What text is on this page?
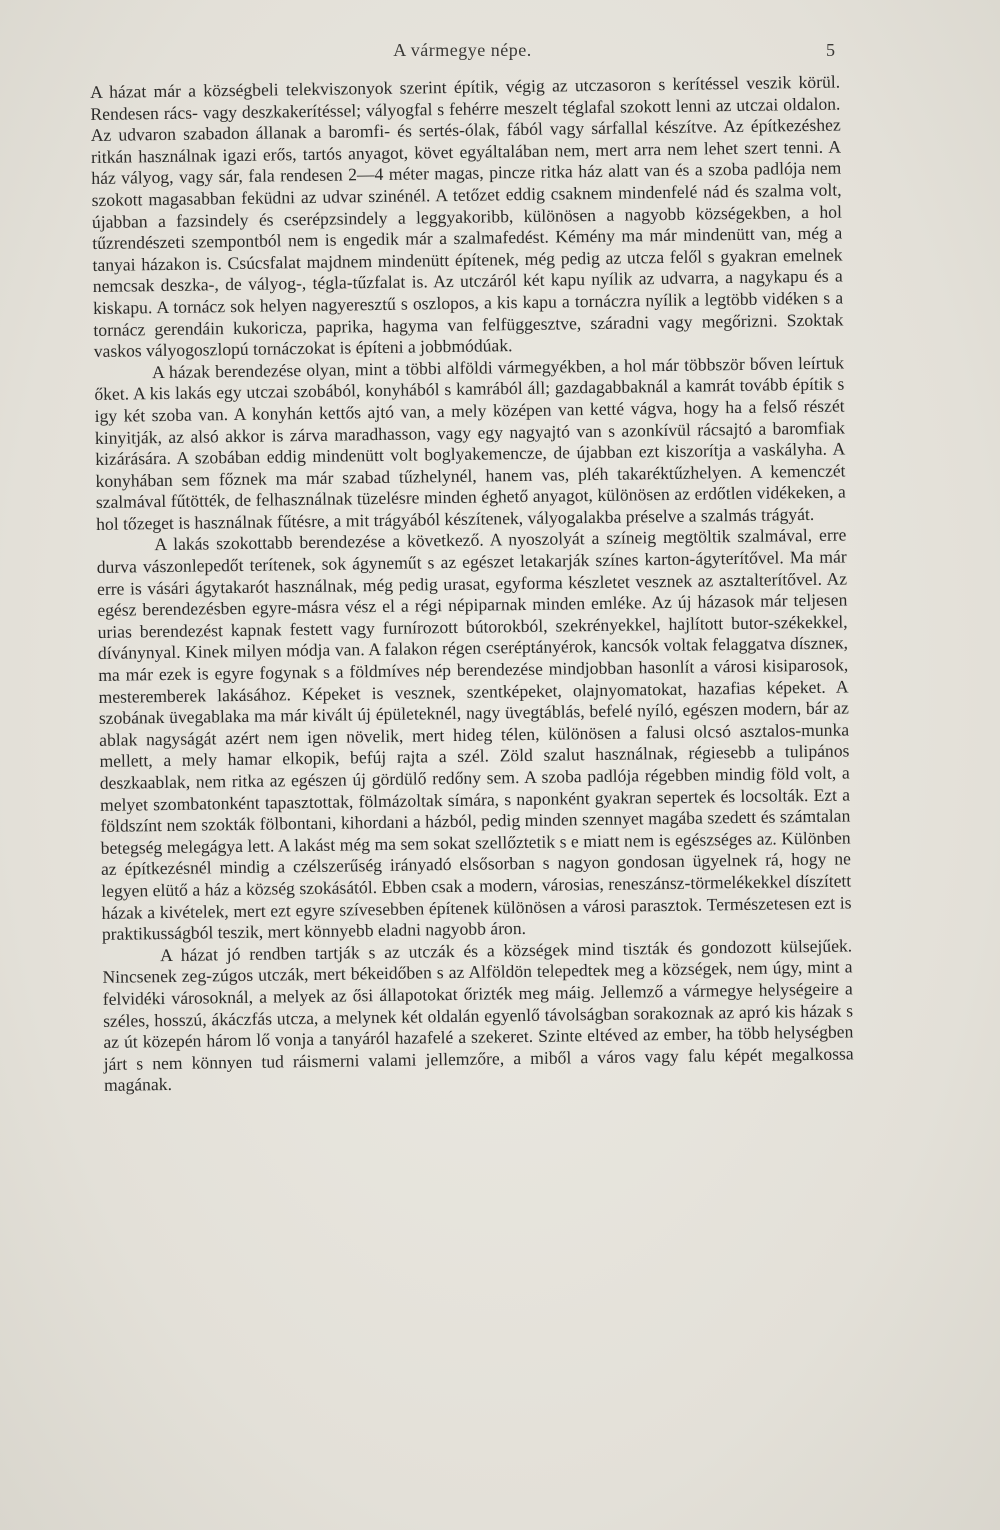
A vármegye népe.	5

A házat már a községbeli telekviszonyok szerint építik, végig az utczasoron s kerítéssel veszik körül. Rendesen rács- vagy deszkakerítéssel; vályogfal s fehérre meszelt téglafal szokott lenni az utczai oldalon. Az udvaron szabadon állanak a baromfi- és sertés-ólak, fából vagy sárfallal készítve. Az építkezéshez ritkán használnak igazi erős, tartós anyagot, követ egyáltalában nem, mert arra nem lehet szert tenni. A ház vályog, vagy sár, fala rendesen 2—4 méter magas, pincze ritka ház alatt van és a szoba padlója nem szokott magasabban feküdni az udvar szinénél. A tetőzet eddig csaknem mindenfelé nád és szalma volt, újabban a fazsindely és cserépzsindely a leggyakoribb, különösen a nagyobb községekben, a hol tűzrendészeti szempontból nem is engedik már a szalmafedést. Kémény ma már mindenütt van, még a tanyai házakon is. Csúcsfalat majdnem mindenütt építenek, még pedig az utcza felől s gyakran emelnek nemcsak deszka-, de vályog-, tégla-tűzfalat is. Az utczáról két kapu nyílik az udvarra, a nagykapu és a kiskapu. A tornácz sok helyen nagyeresztű s oszlopos, a kis kapu a tornáczra nyílik a legtöbb vidéken s a tornácz gerendáin kukoricza, paprika, hagyma van felfüggesztve, száradni vagy megőrizni. Szoktak vaskos vályogoszlopú tornáczokat is építeni a jobbmódúak.

A házak berendezése olyan, mint a többi alföldi vármegyékben, a hol már többször bőven leírtuk őket. A kis lakás egy utczai szobából, konyhából s kamrából áll; gazdagabbaknál a kamrát tovább építik s igy két szoba van. A konyhán kettős ajtó van, a mely középen van ketté vágva, hogy ha a felső részét kinyitják, az alsó akkor is zárva maradhasson, vagy egy nagyajtó van s azonkívül rácsajtó a baromfiak kizárására. A szobában eddig mindenütt volt boglyakemencze, de újabban ezt kiszorítja a vaskályha. A konyhában sem főznek ma már szabad tűzhelynél, hanem vas, pléh takaréktűzhelyen. A kemenczét szalmával fűtötték, de felhasználnak tüzelésre minden éghető anyagot, különösen az erdőtlen vidékeken, a hol tőzeget is használnak fűtésre, a mit trágyából készítenek, vályogalakba préselve a szalmás trágyát.

A lakás szokottabb berendezése a következő. A nyoszolyát a színeig megtöltik szalmával, erre durva vászonlepedőt terítenek, sok ágyneműt s az egészet letakarják színes karton-ágyterítővel. Ma már erre is vásári ágytakarót használnak, még pedig urasat, egyforma készletet vesznek az asztalterítővel. Az egész berendezésben egyre-másra vész el a régi népiparnak minden emléke. Az új házasok már teljesen urias berendezést kapnak festett vagy furnírozott bútorokból, szekrényekkel, hajlított butor-székekkel, díványnyal. Kinek milyen módja van. A falakon régen cseréptányérok, kancsók voltak felaggatva díszneк, ma már ezek is egyre fogynak s a földmíves nép berendezése mindjobban hasonlít a városi kisiparosok, mesteremberek lakásához. Képeket is vesznek, szentképeket, olajnyomatokat, hazafias képeket. A szobának üvegablaka ma már kivált új épületeknél, nagy üvegtáblás, befelé nyíló, egészen modern, bár az ablak nagyságát azért nem igen növelik, mert hideg télen, különösen a falusi olcsó asztalos-munka mellett, a mely hamar elkopik, befúj rajta a szél. Zöld szalut használnak, régiesebb a tulipános deszkaablak, nem ritka az egészen új gördülő redőny sem. A szoba padlója régebben mindig föld volt, a melyet szombatonként tapasztottak, fölmázoltak símára, s naponként gyakran sepertek és locsolták. Ezt a földszínt nem szokták fölbontani, kihordani a házból, pedig minden szennyet magába szedett és számtalan betegség melegágya lett. A lakást még ma sem sokat szellőztetik s e miatt nem is egészséges az. Különben az építkezésnél mindig a czélszerűség irányadó elsősorban s nagyon gondosan ügyelnek rá, hogy ne legyen elütő a ház a község szokásától. Ebben csak a modern, városias, reneszánsz-törmelékekkel díszített házak a kivételek, mert ezt egyre szívesebben építenek különösen a városi parasztok. Természetesen ezt is praktikusságból teszik, mert könnyebb eladni nagyobb áron.

A házat jó rendben tartják s az utczák és a községek mind tiszták és gondozott külsejűek. Nincsenek zeg-zúgos utczák, mert békeidőben s az Alföldön telepedtek meg a községek, nem úgy, mint a felvidéki városoknál, a melyek az ősi állapotokat őrizték meg máig. Jellemző a vármegye helységeire a széles, hosszú, ákáczfás utcza, a melynek két oldalán egyenlő távolságban sorakoznak az apró kis házak s az út közepén három lő vonja a tanyáról hazafelé a szekeret. Szinte eltéved az ember, ha több helységben járt s nem könnyen tud ráismerni valami jellemzőre, a miből a város vagy falu képét megalkossa magának.
